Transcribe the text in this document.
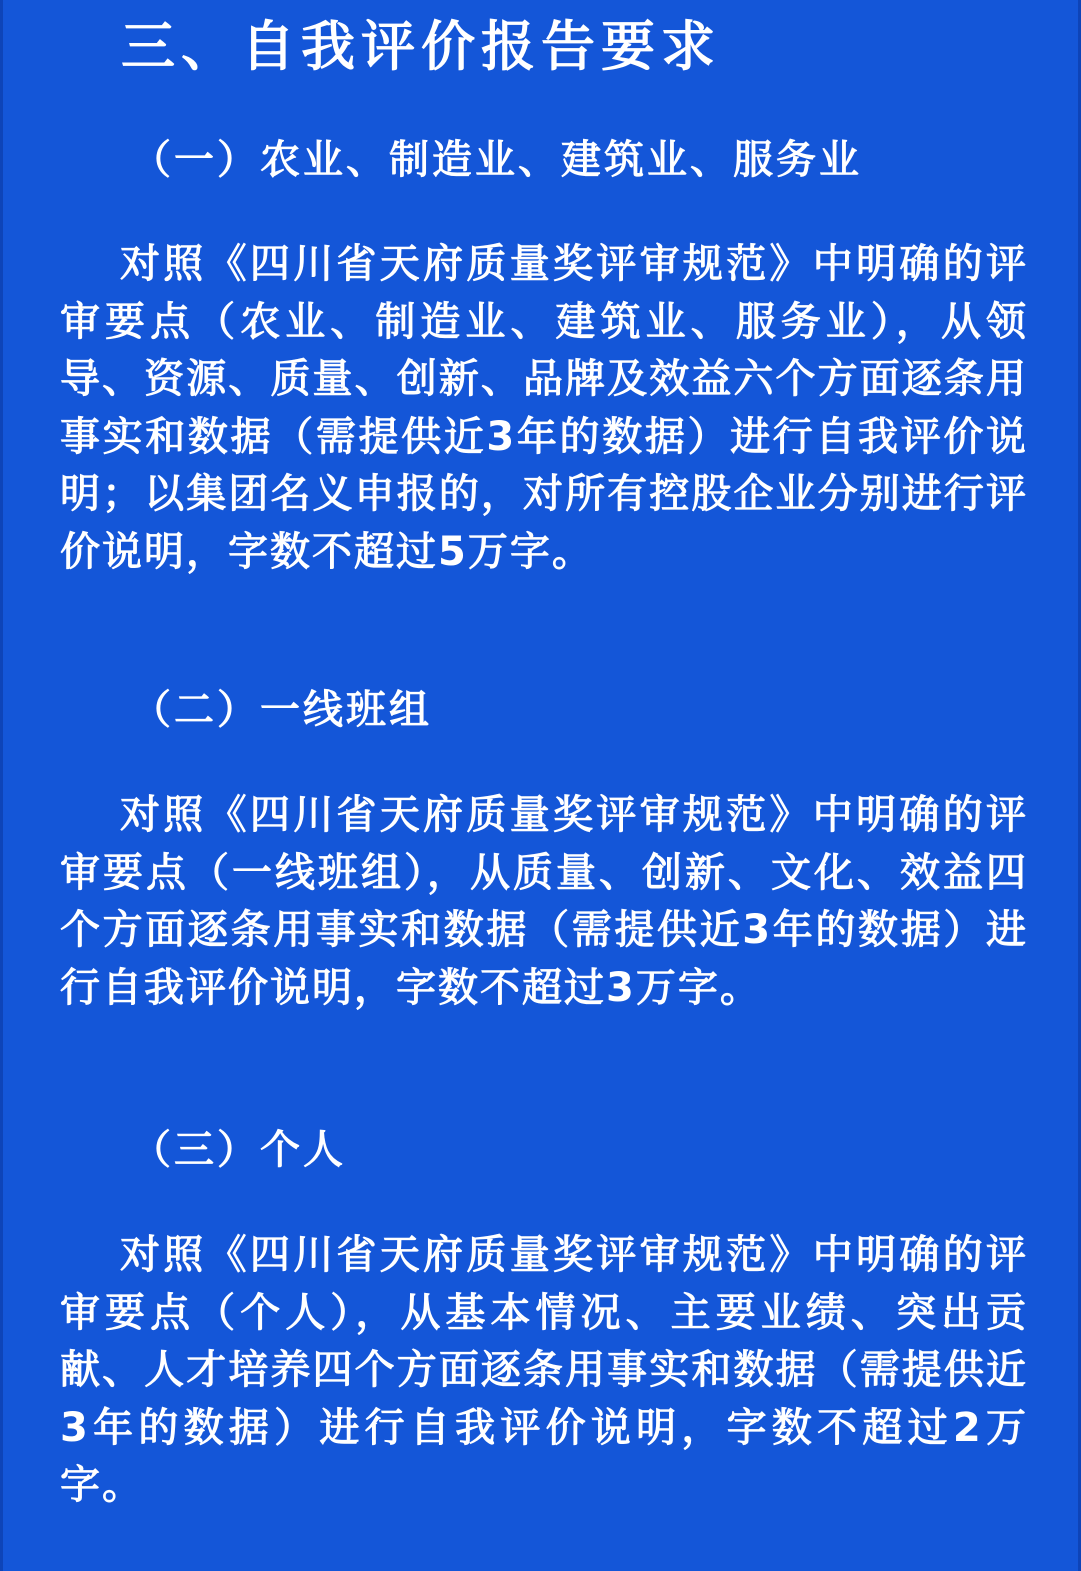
三、自我评价报告要求
（一）农业、制造业、建筑业、服务业

对照《四川省天府质量奖评审规范》中明确的评审要点（农业、制造业、建筑业、服务业），从领导、资源、质量、创新、品牌及效益六个方面逐条用事实和数据（需提供近3年的数据）进行自我评价说明；以集团名义申报的，对所有控股企业分别进行评价说明，字数不超过5万字。

（二）一线班组

对照《四川省天府质量奖评审规范》中明确的评审要点（一线班组），从质量、创新、文化、效益四个方面逐条用事实和数据（需提供近3年的数据）进行自我评价说明，字数不超过3万字。

（三）个人

对照《四川省天府质量奖评审规范》中明确的评审要点（个人），从基本情况、主要业绩、突出贡献、人才培养四个方面逐条用事实和数据（需提供近3年的数据）进行自我评价说明，字数不超过2万字。
